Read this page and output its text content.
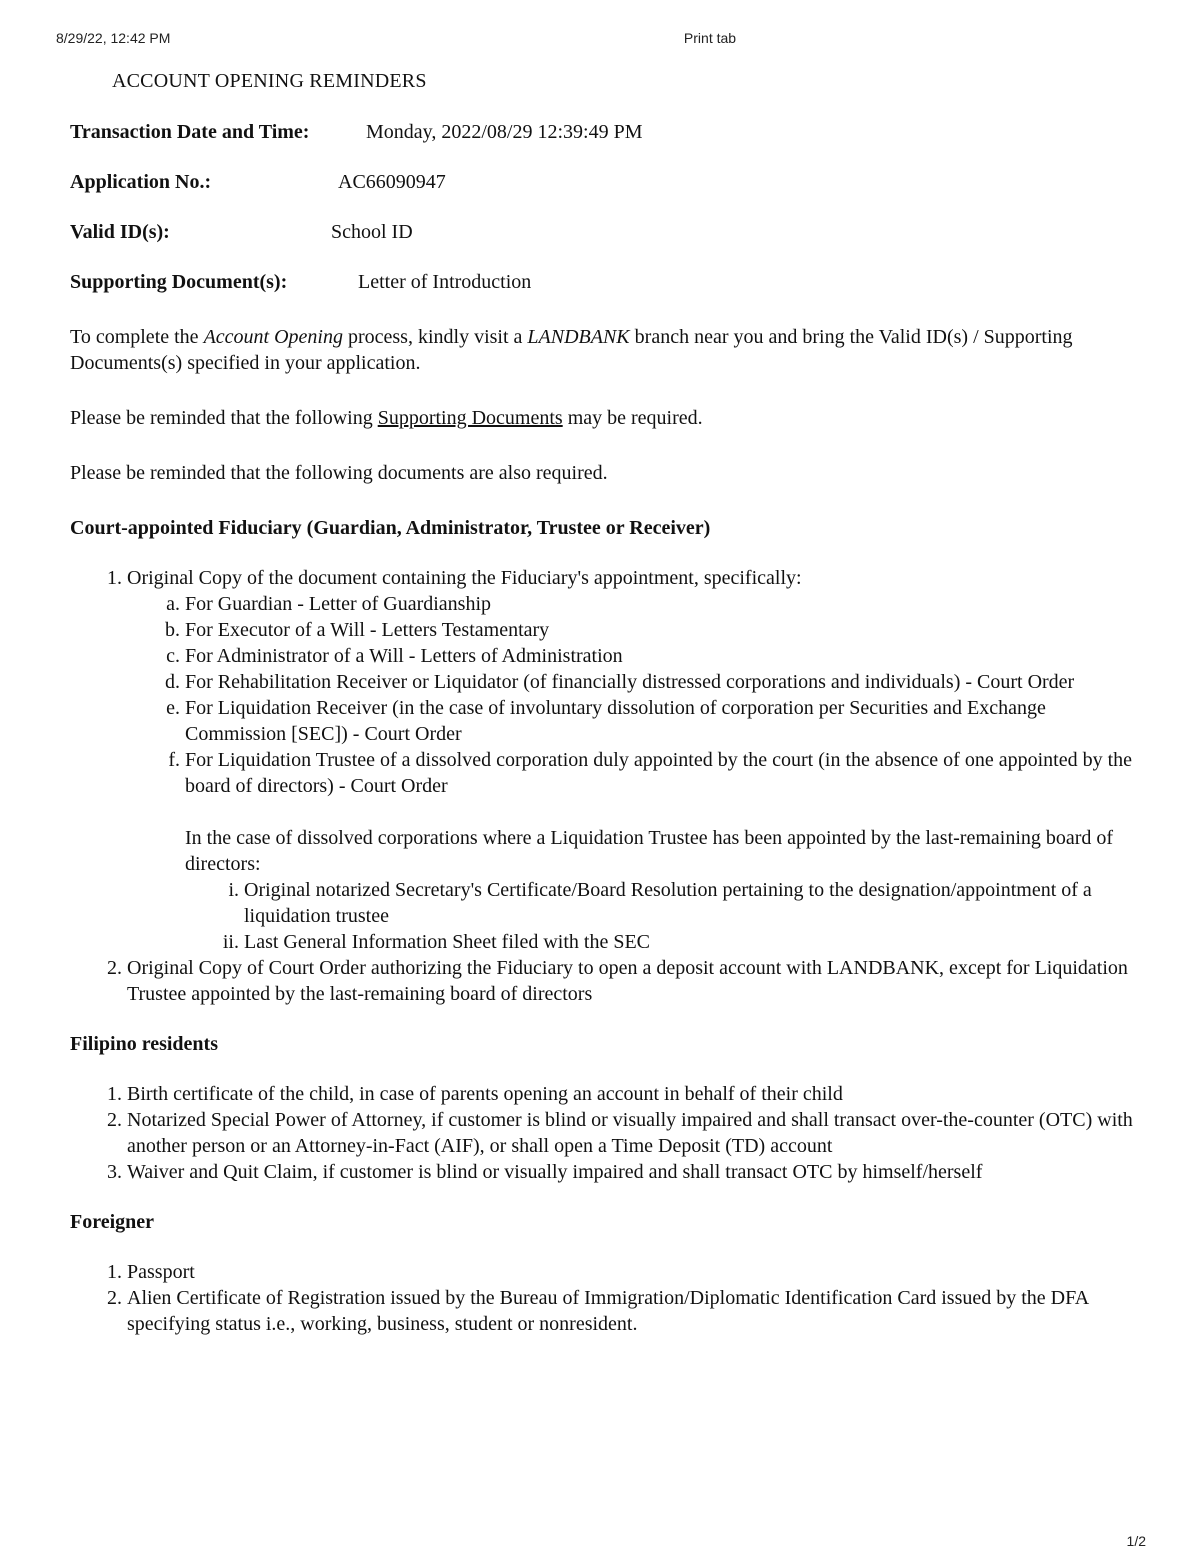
8/29/22, 12:42 PM	Print tab
ACCOUNT OPENING REMINDERS
Transaction Date and Time:	Monday, 2022/08/29 12:39:49 PM
Application No.:	AC66090947
Valid ID(s):	School ID
Supporting Document(s):	Letter of Introduction
To complete the Account Opening process, kindly visit a LANDBANK branch near you and bring the Valid ID(s) / Supporting Documents(s) specified in your application.
Please be reminded that the following Supporting Documents may be required.
Please be reminded that the following documents are also required.
Court-appointed Fiduciary (Guardian, Administrator, Trustee or Receiver)
1. Original Copy of the document containing the Fiduciary's appointment, specifically:
a. For Guardian - Letter of Guardianship
b. For Executor of a Will - Letters Testamentary
c. For Administrator of a Will - Letters of Administration
d. For Rehabilitation Receiver or Liquidator (of financially distressed corporations and individuals) - Court Order
e. For Liquidation Receiver (in the case of involuntary dissolution of corporation per Securities and Exchange Commission [SEC]) - Court Order
f. For Liquidation Trustee of a dissolved corporation duly appointed by the court (in the absence of one appointed by the board of directors) - Court Order
In the case of dissolved corporations where a Liquidation Trustee has been appointed by the last-remaining board of directors:
i. Original notarized Secretary's Certificate/Board Resolution pertaining to the designation/appointment of a liquidation trustee
ii. Last General Information Sheet filed with the SEC
2. Original Copy of Court Order authorizing the Fiduciary to open a deposit account with LANDBANK, except for Liquidation Trustee appointed by the last-remaining board of directors
Filipino residents
1. Birth certificate of the child, in case of parents opening an account in behalf of their child
2. Notarized Special Power of Attorney, if customer is blind or visually impaired and shall transact over-the-counter (OTC) with another person or an Attorney-in-Fact (AIF), or shall open a Time Deposit (TD) account
3. Waiver and Quit Claim, if customer is blind or visually impaired and shall transact OTC by himself/herself
Foreigner
1. Passport
2. Alien Certificate of Registration issued by the Bureau of Immigration/Diplomatic Identification Card issued by the DFA specifying status i.e., working, business, student or nonresident.
1/2
